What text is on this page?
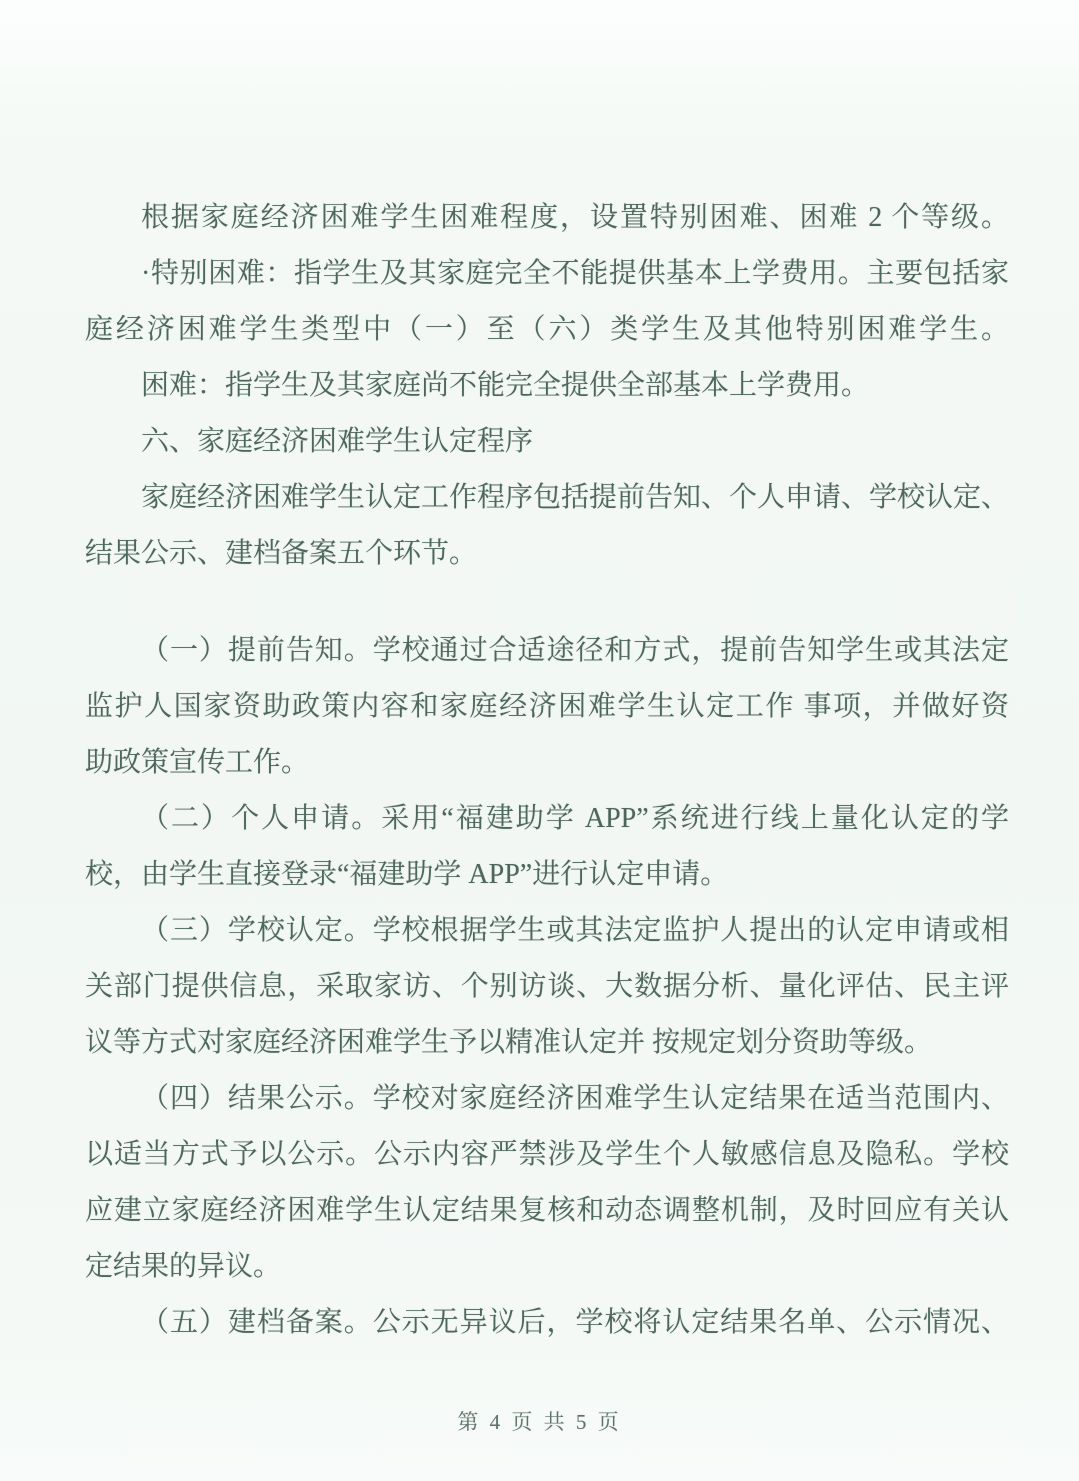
根据家庭经济困难学生困难程度，设置特别困难、困难 2 个等级。
·特别困难：指学生及其家庭完全不能提供基本上学费用。主要包括家
庭经济困难学生类型中（一）至（六）类学生及其他特别困难学生。
困难：指学生及其家庭尚不能完全提供全部基本上学费用。
六、家庭经济困难学生认定程序
家庭经济困难学生认定工作程序包括提前告知、个人申请、学校认定、
结果公示、建档备案五个环节。
（一）提前告知。学校通过合适途径和方式，提前告知学生或其法定
监护人国家资助政策内容和家庭经济困难学生认定工作 事项，并做好资
助政策宣传工作。
（二）个人申请。采用“福建助学 APP”系统进行线上量化认定的学
校，由学生直接登录“福建助学 APP”进行认定申请。
（三）学校认定。学校根据学生或其法定监护人提出的认定申请或相
关部门提供信息，采取家访、个别访谈、大数据分析、量化评估、民主评
议等方式对家庭经济困难学生予以精准认定并 按规定划分资助等级。
（四）结果公示。学校对家庭经济困难学生认定结果在适当范围内、
以适当方式予以公示。公示内容严禁涉及学生个人敏感信息及隐私。学校
应建立家庭经济困难学生认定结果复核和动态调整机制，及时回应有关认
定结果的异议。
（五）建档备案。公示无异议后，学校将认定结果名单、公示情况、
第 4 页 共 5 页
